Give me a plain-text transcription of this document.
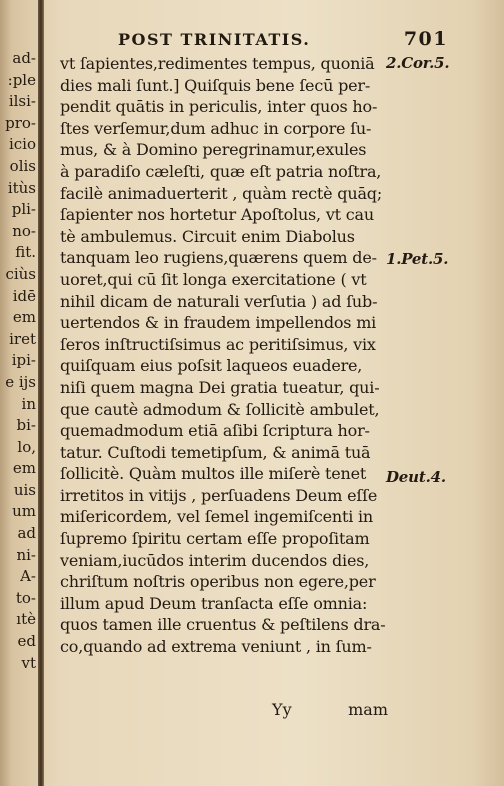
ad-
:ple
ilsi-
pro-
icio
olis
itùs
pli-
no-
fit.
ciùs
idē
em
iret
ipi-
e ijs
in
bi-
lo,
em
uis
um
ad
ni-
A-
to-
ıtè
ed
vt
POST TRINITATIS.	701
vt ſapientes,redimentes tempus, quoniā
dies mali ſunt.] Quiſquis bene ſecū per-
pendit quātis in periculis, inter quos ho-
ſtes verſemur,dum adhuc in corpore ſu-
mus, & à Domino peregrinamur,exules
à paradiſo cæleſti, quæ eſt patria noſtra,
facilè animaduerterit , quàm rectè quāq;
ſapienter nos hortetur Apoſtolus, vt cau
tè ambulemus. Circuit enim Diabolus
tanquam leo rugiens,quærens quem de-
uoret,qui cū ſit longa exercitatione ( vt
nihil dicam de naturali verſutia ) ad ſub-
uertendos & in fraudem impellendos mi
ſeros inſtructiſsimus ac peritiſsimus, vix
quiſquam eius poſsit laqueos euadere,
niſi quem magna Dei gratia tueatur, qui-
que cautè admodum & ſollicitè ambulet,
quemadmodum etiā aſibi ſcriptura hor-
tatur. Cuſtodi temetipſum, & animā tuā
ſollicitè. Quàm multos ille miſerè tenet
irretitos in vitijs , perſuadens Deum eſſe
miſericordem, vel ſemel ingemiſcenti in
ſupremo ſpiritu certam eſſe propoſitam
veniam,iucūdos interim ducendos dies,
chriſtum noſtris operibus non egere,per
illum apud Deum tranſacta eſſe omnia:
quos tamen ille cruentus & peſtilens dra-
co,quando ad extrema veniunt , in ſum-
2.Cor.5.
1.Pet.5.
Deut.4.
Yy	mam
